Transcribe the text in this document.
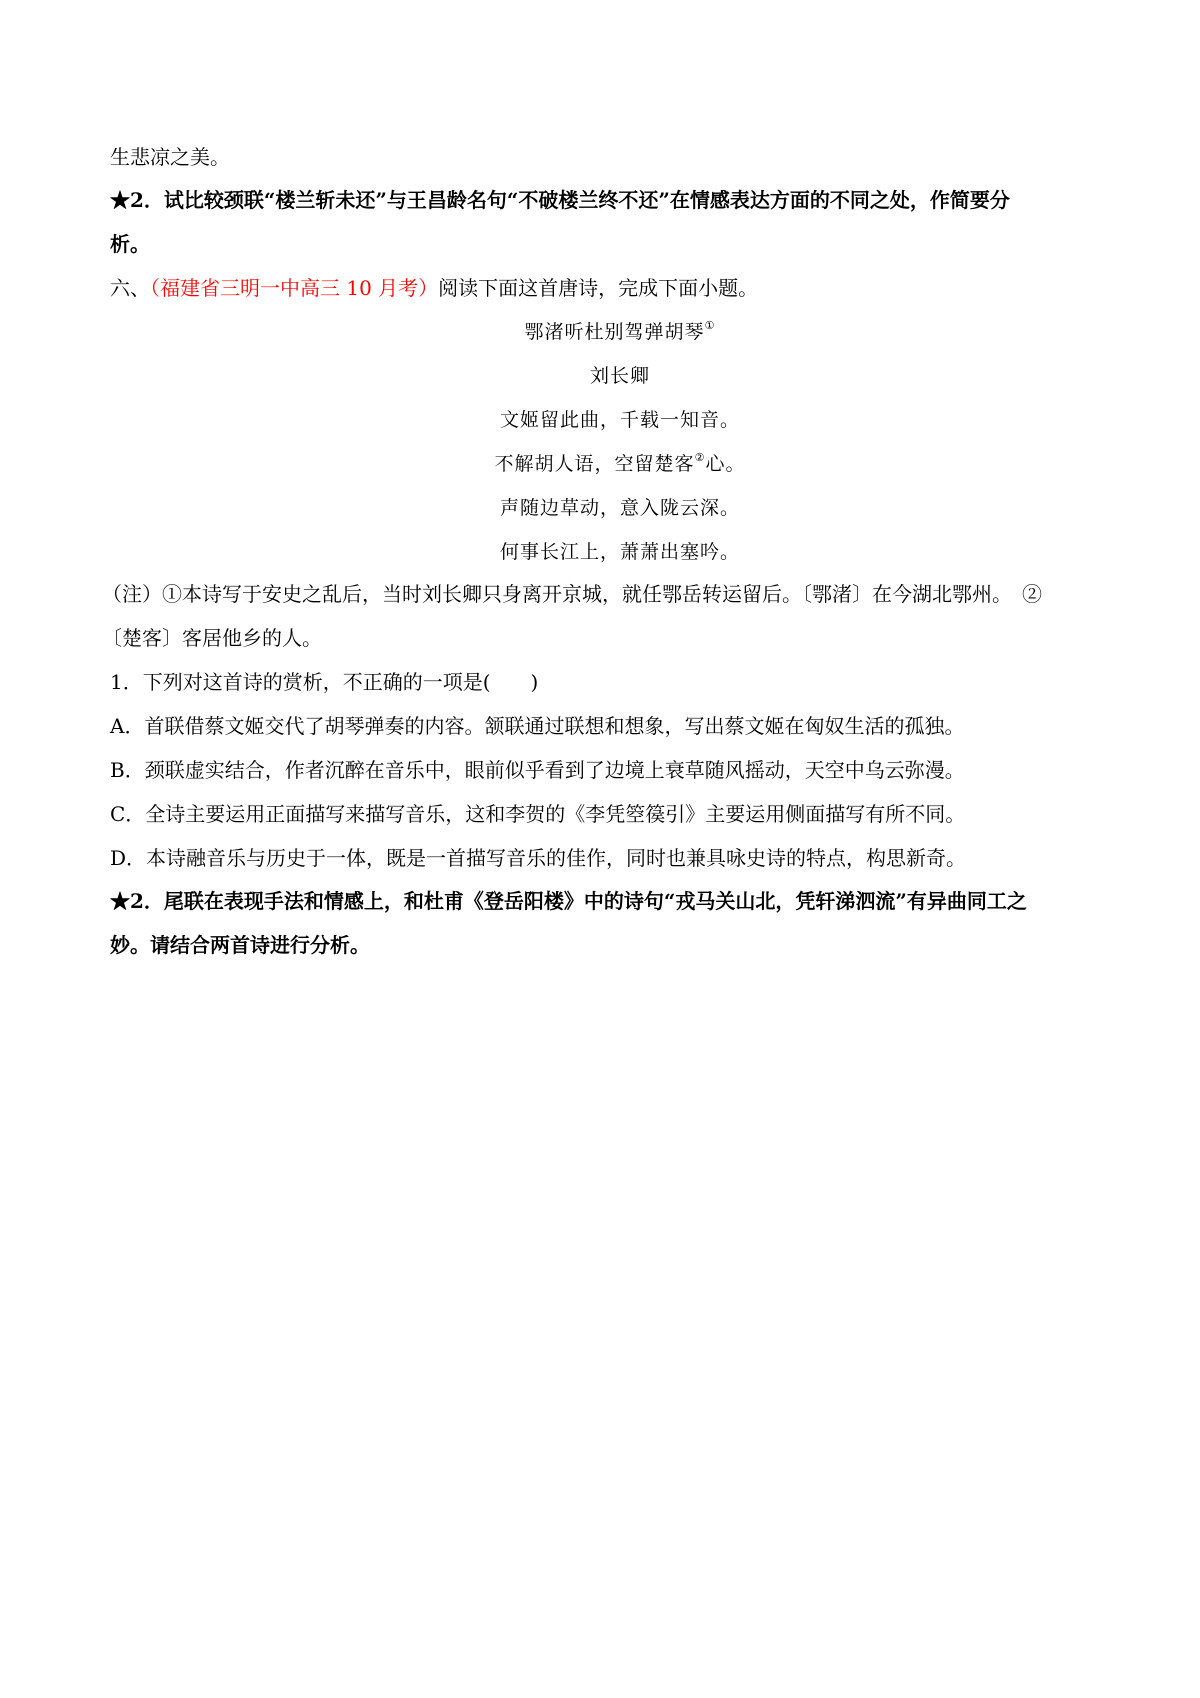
生悲凉之美。
★2．试比较颈联“楼兰斩未还”与王昌龄名句“不破楼兰终不还”在情感表达方面的不同之处，作简要分
析。
六、（福建省三明一中高三 10 月考）阅读下面这首唐诗，完成下面小题。
鄂渚听杜别驾弹胡琴①
刘长卿
文姬留此曲，千载一知音。
不解胡人语，空留楚客②心。
声随边草动，意入陇云深。
何事长江上，萧萧出塞吟。
（注）①本诗写于安史之乱后，当时刘长卿只身离开京城，就任鄂岳转运留后。〔鄂渚〕在今湖北鄂州。　②
〔楚客〕客居他乡的人。
1．下列对这首诗的赏析，不正确的一项是(　　)
A．首联借蔡文姬交代了胡琴弹奏的内容。颔联通过联想和想象，写出蔡文姬在匈奴生活的孤独。
B．颈联虚实结合，作者沉醉在音乐中，眼前似乎看到了边境上衰草随风摇动，天空中乌云弥漫。
C．全诗主要运用正面描写来描写音乐，这和李贺的《李凭箜篌引》主要运用侧面描写有所不同。
D．本诗融音乐与历史于一体，既是一首描写音乐的佳作，同时也兼具咏史诗的特点，构思新奇。
★2．尾联在表现手法和情感上，和杜甫《登岳阳楼》中的诗句“戎马关山北，凭轩涕泗流”有异曲同工之
妙。请结合两首诗进行分析。
